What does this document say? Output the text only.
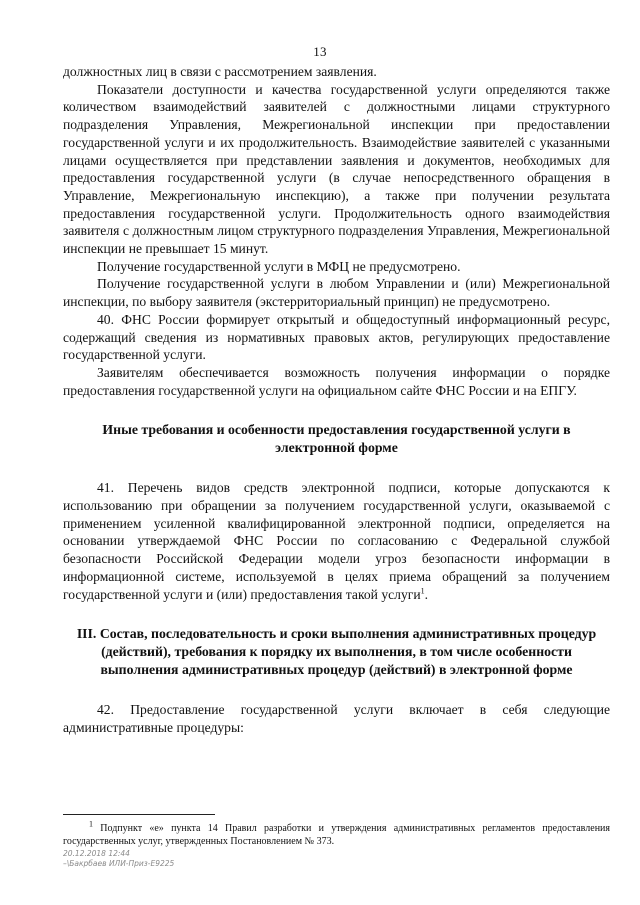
13

должностных лиц в связи с рассмотрением заявления.

Показатели доступности и качества государственной услуги определяются также количеством взаимодействий заявителей с должностными лицами структурного подразделения Управления, Межрегиональной инспекции при предоставлении государственной услуги и их продолжительность. Взаимодействие заявителей с указанными лицами осуществляется при представлении заявления и документов, необходимых для предоставления государственной услуги (в случае непосредственного обращения в Управление, Межрегиональную инспекцию), а также при получении результата предоставления государственной услуги. Продолжительность одного взаимодействия заявителя с должностным лицом структурного подразделения Управления, Межрегиональной инспекции не превышает 15 минут.

Получение государственной услуги в МФЦ не предусмотрено.

Получение государственной услуги в любом Управлении и (или) Межрегиональной инспекции, по выбору заявителя (экстерриториальный принцип) не предусмотрено.

40. ФНС России формирует открытый и общедоступный информационный ресурс, содержащий сведения из нормативных правовых актов, регулирующих предоставление государственной услуги.

Заявителям обеспечивается возможность получения информации о порядке предоставления государственной услуги на официальном сайте ФНС России и на ЕПГУ.

Иные требования и особенности предоставления государственной услуги в электронной форме

41. Перечень видов средств электронной подписи, которые допускаются к использованию при обращении за получением государственной услуги, оказываемой с применением усиленной квалифицированной электронной подписи, определяется на основании утверждаемой ФНС России по согласованию с Федеральной службой безопасности Российской Федерации модели угроз безопасности информации в информационной системе, используемой в целях приема обращений за получением государственной услуги и (или) предоставления такой услуги$^1$.

III. Состав, последовательность и сроки выполнения административных процедур (действий), требования к порядку их выполнения, в том числе особенности выполнения административных процедур (действий) в электронной форме

42. Предоставление государственной услуги включает в себя следующие административные процедуры:

$^1$ Подпункт «е» пункта 14 Правил разработки и утверждения административных регламентов предоставления государственных услуг, утвержденных Постановлением № 373.
20.12.2018 12:44
–\Бакрбаев ИЛИ-Приз-Е9225
